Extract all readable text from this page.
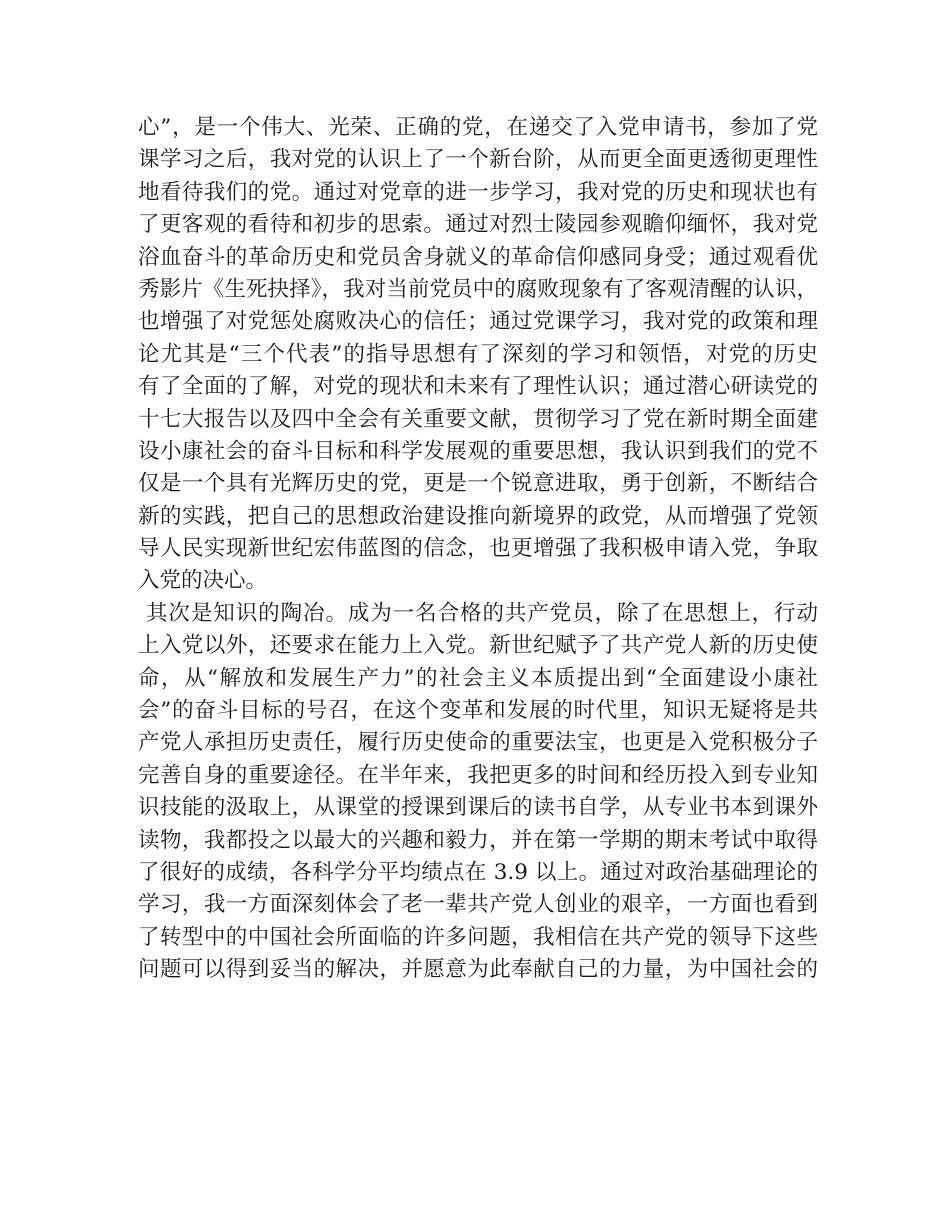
心”，是一个伟大、光荣、正确的党，在递交了入党申请书，参加了党
课学习之后，我对党的认识上了一个新台阶，从而更全面更透彻更理性
地看待我们的党。通过对党章的进一步学习，我对党的历史和现状也有
了更客观的看待和初步的思索。通过对烈士陵园参观瞻仰缅怀，我对党
浴血奋斗的革命历史和党员舍身就义的革命信仰感同身受；通过观看优
秀影片《生死抉择》，我对当前党员中的腐败现象有了客观清醒的认识，
也增强了对党惩处腐败决心的信任；通过党课学习，我对党的政策和理
论尤其是“三个代表”的指导思想有了深刻的学习和领悟，对党的历史
有了全面的了解，对党的现状和未来有了理性认识；通过潜心研读党的
十七大报告以及四中全会有关重要文献，贯彻学习了党在新时期全面建
设小康社会的奋斗目标和科学发展观的重要思想，我认识到我们的党不
仅是一个具有光辉历史的党，更是一个锐意进取，勇于创新，不断结合
新的实践，把自己的思想政治建设推向新境界的政党，从而增强了党领
导人民实现新世纪宏伟蓝图的信念，也更增强了我积极申请入党，争取
入党的决心。
其次是知识的陶冶。成为一名合格的共产党员，除了在思想上，行动
上入党以外，还要求在能力上入党。新世纪赋予了共产党人新的历史使
命，从“解放和发展生产力”的社会主义本质提出到“全面建设小康社
会”的奋斗目标的号召，在这个变革和发展的时代里，知识无疑将是共
产党人承担历史责任，履行历史使命的重要法宝，也更是入党积极分子
完善自身的重要途径。在半年来，我把更多的时间和经历投入到专业知
识技能的汲取上，从课堂的授课到课后的读书自学，从专业书本到课外
读物，我都投之以最大的兴趣和毅力，并在第一学期的期末考试中取得
了很好的成绩，各科学分平均绩点在 3.9 以上。通过对政治基础理论的
学习，我一方面深刻体会了老一辈共产党人创业的艰辛，一方面也看到
了转型中的中国社会所面临的许多问题，我相信在共产党的领导下这些
问题可以得到妥当的解决，并愿意为此奉献自己的力量，为中国社会的
